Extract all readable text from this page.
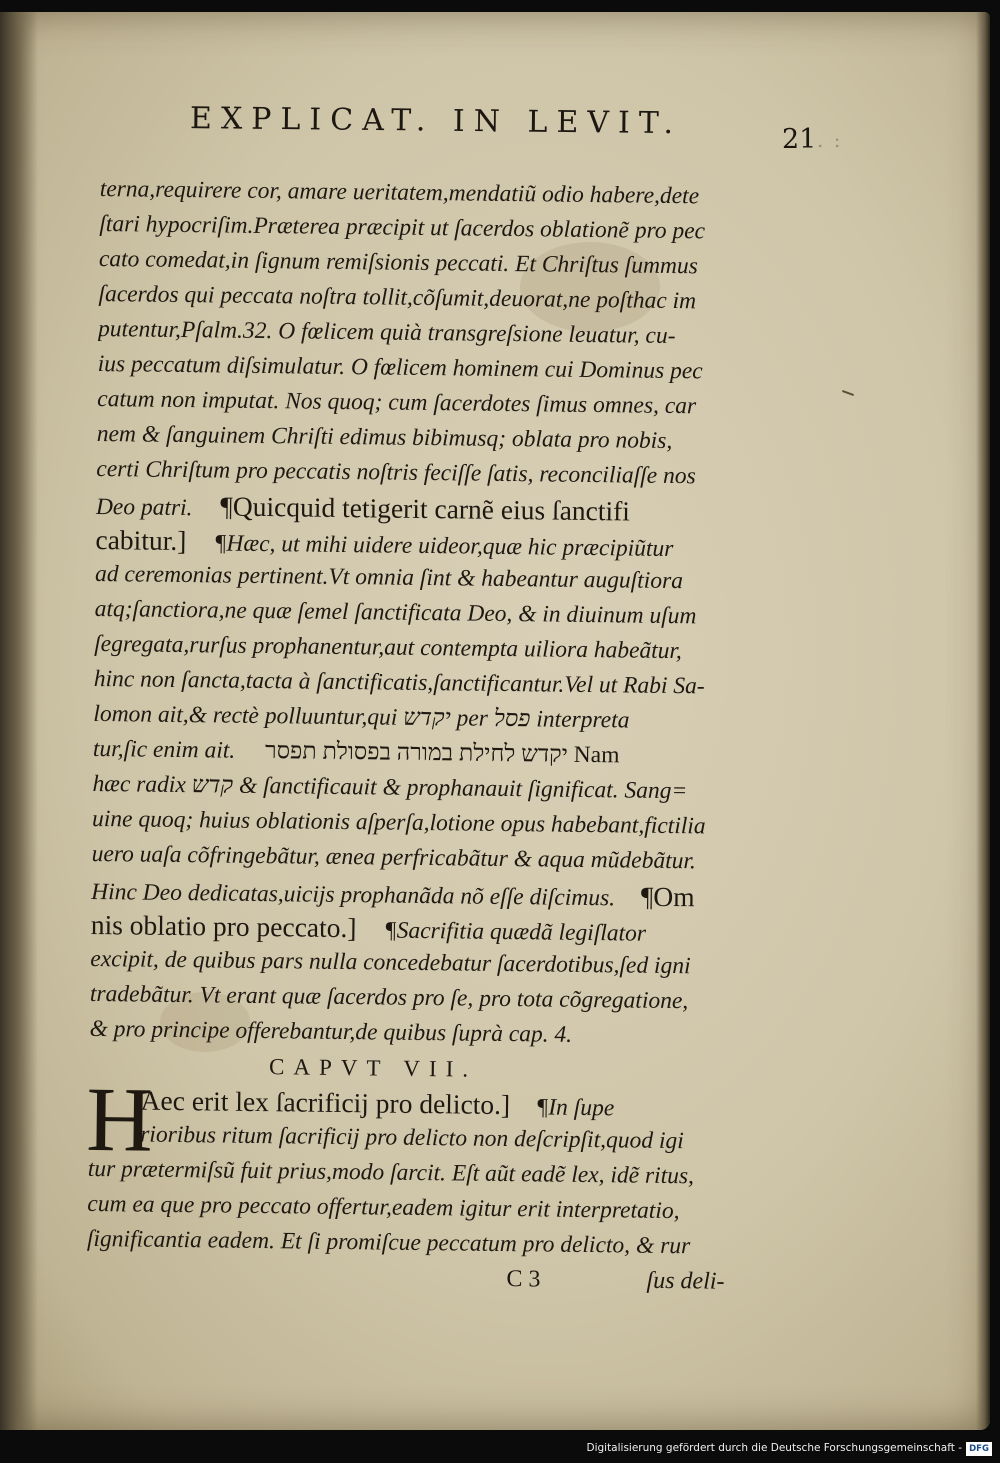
EXPLICAT. IN LEVIT.	21 . :
terna,requirere cor, amare ueritatem,mendatiũ odio habere,dete
ſtari hypocriſim.Prӕterea prӕcipit ut ſacerdos oblationẽ pro pec
cato comedat,in ſignum remiſsionis peccati. Et Chriſtus ſummus
ſacerdos qui peccata noſtra tollit,cõſumit,deuorat,ne poſthac im
putentur,Pſalm.32. O fœlicem quià transgreſsione leuatur, cu-
ius peccatum diſsimulatur. O fœlicem hominem cui Dominus pec
catum non imputat. Nos quoq; cum ſacerdotes ſimus omnes, car
nem & ſanguinem Chriſti edimus bibimusq; oblata pro nobis,
certi Chriſtum pro peccatis noſtris feciſſe ſatis, reconciliaſſe nos
Deo patri. ¶Quicquid tetigerit carnẽ eius ſanctifi
cabitur.] ¶Hӕc, ut mihi uidere uideor,quӕ hic prӕcipiũtur
ad ceremonias pertinent.Vt omnia ſint & habeantur auguſtiora
atq;ſanctiora,ne quӕ ſemel ſanctificata Deo, & in diuinum uſum
ſegregata,rurſus prophanentur,aut contempta uiliora habeãtur,
hinc non ſancta,tacta à ſanctificatis,ſanctificantur.Vel ut Rabi Sa-
lomon ait,& rectè polluuntur,qui יקדש per פסל interpreta
tur,ſic enim ait. יקדש לחילת במורה בפסולת תפסר Nam
hӕc radix קדש & ſanctificauit & prophanauit ſignificat. Sang=
uine quoq; huius oblationis aſperſa,lotione opus habebant,fictilia
uero uaſa cõfringebãtur, ӕnea perfricabãtur & aqua mũdebãtur.
Hinc Deo dedicatas,uicijs prophanãda nõ eſſe diſcimus. ¶Om
nis oblatio pro peccato.] ¶Sacrifitia quӕdã legiſlator
excipit, de quibus pars nulla concedebatur ſacerdotibus,ſed igni
tradebãtur. Vt erant quӕ ſacerdos pro ſe, pro tota cõgregatione,
& pro principe offerebantur,de quibus ſuprà cap. 4.
CAPVT VII.
H
Aec erit lex ſacrificij pro delicto.] ¶In ſupe
rioribus ritum ſacrificij pro delicto non deſcripſit,quod igi
tur prӕtermiſsũ fuit prius,modo ſarcit. Eſt aũt eadẽ lex, idẽ ritus,
cum ea que pro peccato offertur,eadem igitur erit interpretatio,
ſignificantia eadem. Et ſi promiſcue peccatum pro delicto, & rur
C 3	ſus deli-
Digitalisierung gefördert durch die Deutsche Forschungsgemeinschaft - DFG
